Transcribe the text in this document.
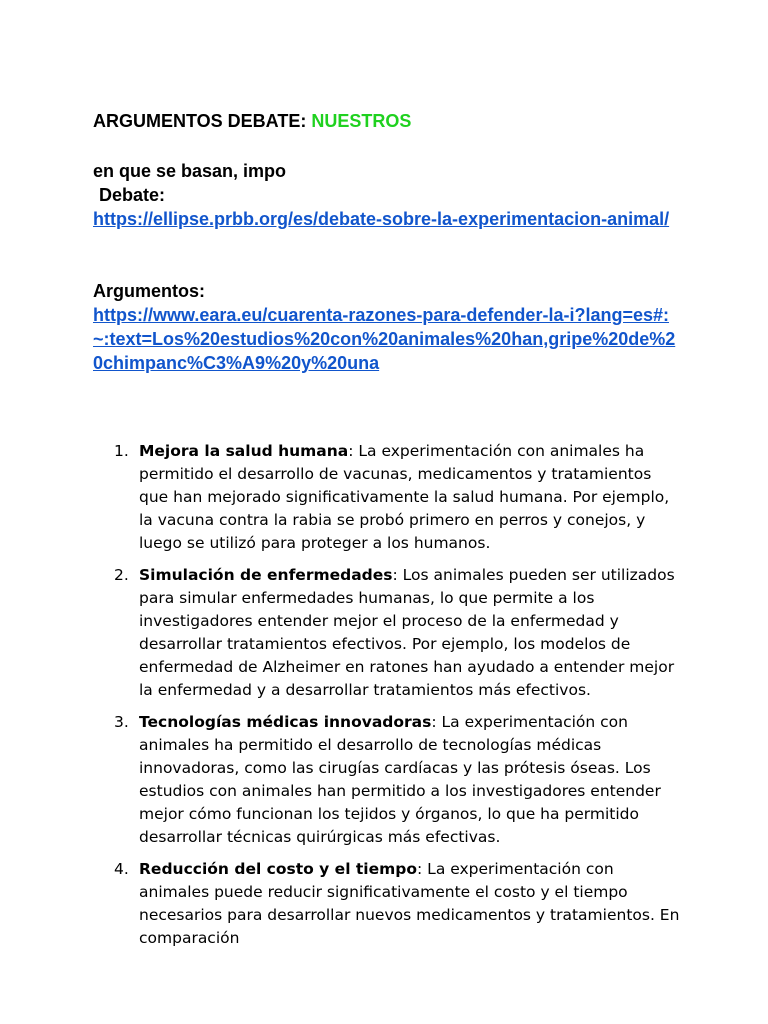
ARGUMENTOS DEBATE: NUESTROS
en que se basan, impo
Debate:
https://ellipse.prbb.org/es/debate-sobre-la-experimentacion-animal/
Argumentos:
https://www.eara.eu/cuarenta-razones-para-defender-la-i?lang=es#:~:text=Los%20estudios%20con%20animales%20han,gripe%20de%20chimpanc%C3%A9%20y%20una
1. Mejora la salud humana: La experimentación con animales ha permitido el desarrollo de vacunas, medicamentos y tratamientos que han mejorado significativamente la salud humana. Por ejemplo, la vacuna contra la rabia se probó primero en perros y conejos, y luego se utilizó para proteger a los humanos.
2. Simulación de enfermedades: Los animales pueden ser utilizados para simular enfermedades humanas, lo que permite a los investigadores entender mejor el proceso de la enfermedad y desarrollar tratamientos efectivos. Por ejemplo, los modelos de enfermedad de Alzheimer en ratones han ayudado a entender mejor la enfermedad y a desarrollar tratamientos más efectivos.
3. Tecnologías médicas innovadoras: La experimentación con animales ha permitido el desarrollo de tecnologías médicas innovadoras, como las cirugías cardíacas y las prótesis óseas. Los estudios con animales han permitido a los investigadores entender mejor cómo funcionan los tejidos y órganos, lo que ha permitido desarrollar técnicas quirúrgicas más efectivas.
4. Reducción del costo y el tiempo: La experimentación con animales puede reducir significativamente el costo y el tiempo necesarios para desarrollar nuevos medicamentos y tratamientos. En comparación
